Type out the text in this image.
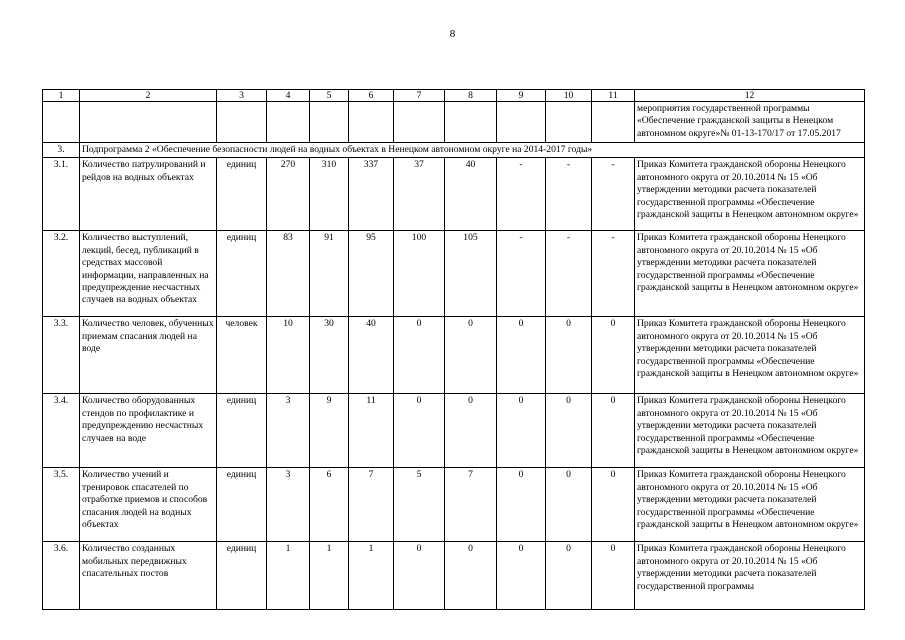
8
1	2	3	4	5	6	7	8	9	10	11	12
											мероприятия государственной программы «Обеспечение гражданской защиты в Ненецком автономном округе»№ 01-13-170/17 от 17.05.2017
3.	Подпрограмма 2 «Обеспечение безопасности людей на водных объектах в Ненецком автономном округе на 2014-2017 годы»										
3.1.	Количество патрулирований и рейдов на водных объектах	единиц	270	310	337	37	40	-	-	-	Приказ Комитета гражданской обороны Ненецкого автономного округа от 20.10.2014 № 15 «Об утверждении методики расчета показателей государственной программы «Обеспечение гражданской защиты в Ненецком автономном округе»
3.2.	Количество выступлений, лекций, бесед, публикаций в средствах массовой информации, направленных на предупреждение несчастных случаев на водных объектах	единиц	83	91	95	100	105	-	-	-	Приказ Комитета гражданской обороны Ненецкого автономного округа от 20.10.2014 № 15 «Об утверждении методики расчета показателей государственной программы «Обеспечение гражданской защиты в Ненецком автономном округе»
3.3.	Количество человек, обученных приемам спасания людей на воде	человек	10	30	40	0	0	0	0	0	Приказ Комитета гражданской обороны Ненецкого автономного округа от 20.10.2014 № 15 «Об утверждении методики расчета показателей государственной программы «Обеспечение гражданской защиты в Ненецком автономном округе»
3.4.	Количество оборудованных стендов по профилактике и предупреждению несчастных случаев на воде	единиц	3	9	11	0	0	0	0	0	Приказ Комитета гражданской обороны Ненецкого автономного округа от 20.10.2014 № 15 «Об утверждении методики расчета показателей государственной программы «Обеспечение гражданской защиты в Ненецком автономном округе»
3.5.	Количество учений и тренировок спасателей по отработке приемов и способов спасания людей на водных объектах	единиц	3	6	7	5	7	0	0	0	Приказ Комитета гражданской обороны Ненецкого автономного округа от 20.10.2014 № 15 «Об утверждении методики расчета показателей государственной программы «Обеспечение гражданской защиты в Ненецком автономном округе»
3.6.	Количество созданных мобильных передвижных спасательных постов	единиц	1	1	1	0	0	0	0	0	Приказ Комитета гражданской обороны Ненецкого автономного округа от 20.10.2014 № 15 «Об утверждении методики расчета показателей государственной программы
